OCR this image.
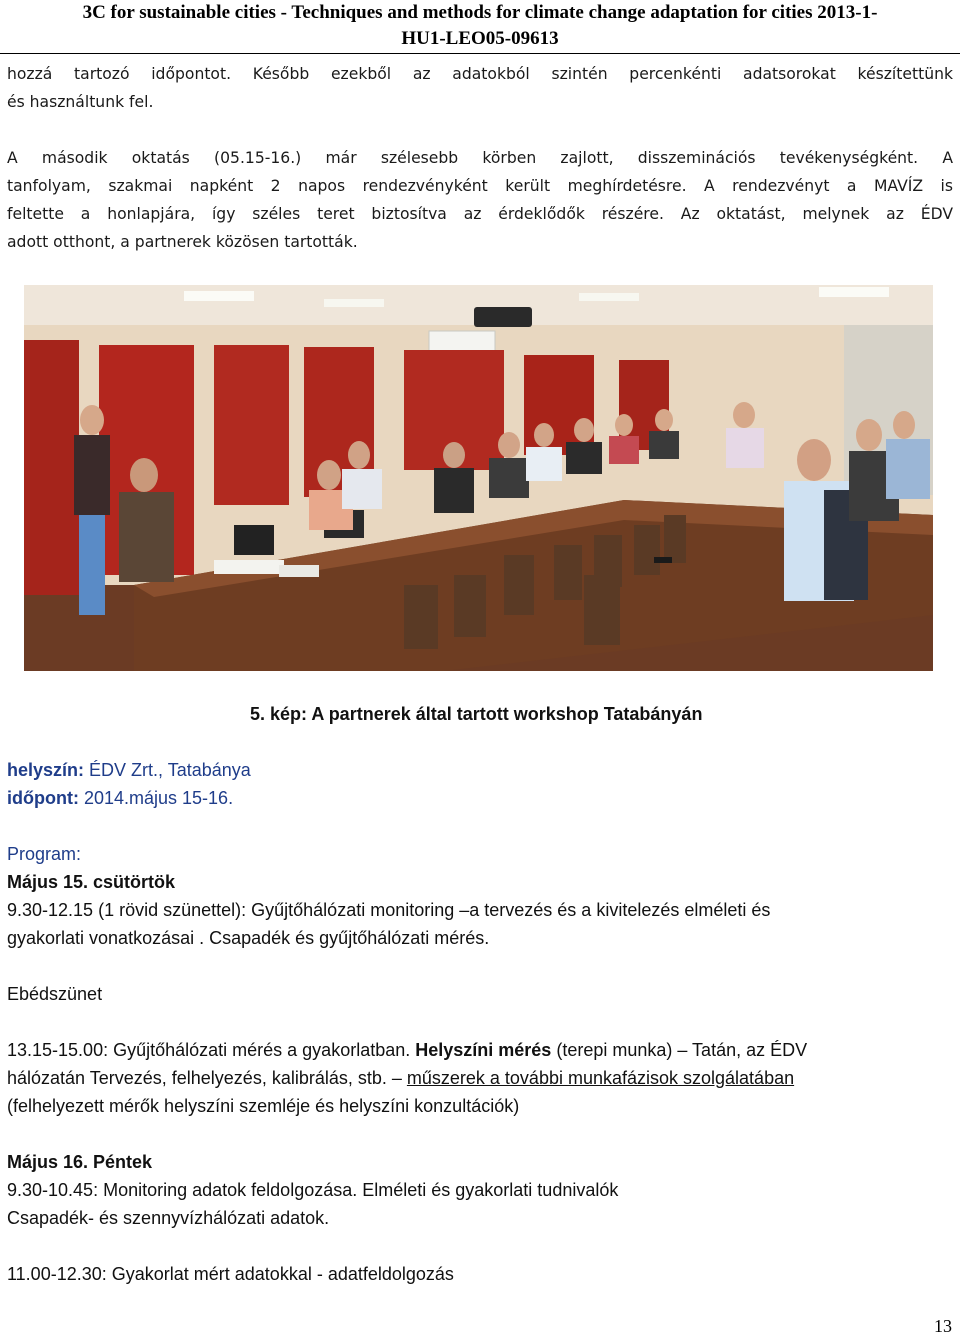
3C for sustainable cities - Techniques and methods for climate change adaptation for cities 2013-1-
HU1-LEO05-09613
hozzá tartozó időpontot. Később ezekből az adatokból szintén percenkénti adatsorokat készítettünk
és használtunk fel.
A második oktatás (05.15-16.) már szélesebb körben zajlott, disszeminációs tevékenységként. A
tanfolyam, szakmai napként 2 napos rendezvényként került meghírdetésre. A rendezvényt a MAVÍZ is
feltette a honlapjára, így széles teret biztosítva az érdeklődők részére. Az oktatást, melynek az ÉDV
adott otthont, a partnerek közösen tartották.
5. kép: A partnerek által tartott workshop Tatabányán
helyszín: ÉDV Zrt., Tatabánya
időpont: 2014.május 15-16.
Program:
Május 15. csütörtök
9.30-12.15 (1 rövid szünettel): Gyűjtőhálózati monitoring –a tervezés és a kivitelezés elméleti és
gyakorlati vonatkozásai . Csapadék és gyűjtőhálózati mérés.
Ebédszünet
13.15-15.00: Gyűjtőhálózati mérés a gyakorlatban. Helyszíni mérés (terepi munka) – Tatán, az ÉDV
hálózatán Tervezés, felhelyezés, kalibrálás, stb. – műszerek a további munkafázisok szolgálatában
(felhelyezett mérők helyszíni szemléje és helyszíni konzultációk)
Május 16. Péntek
9.30-10.45: Monitoring adatok feldolgozása. Elméleti és gyakorlati tudnivalók
Csapadék- és szennyvízhálózati adatok.
11.00-12.30: Gyakorlat mért adatokkal - adatfeldolgozás
13
